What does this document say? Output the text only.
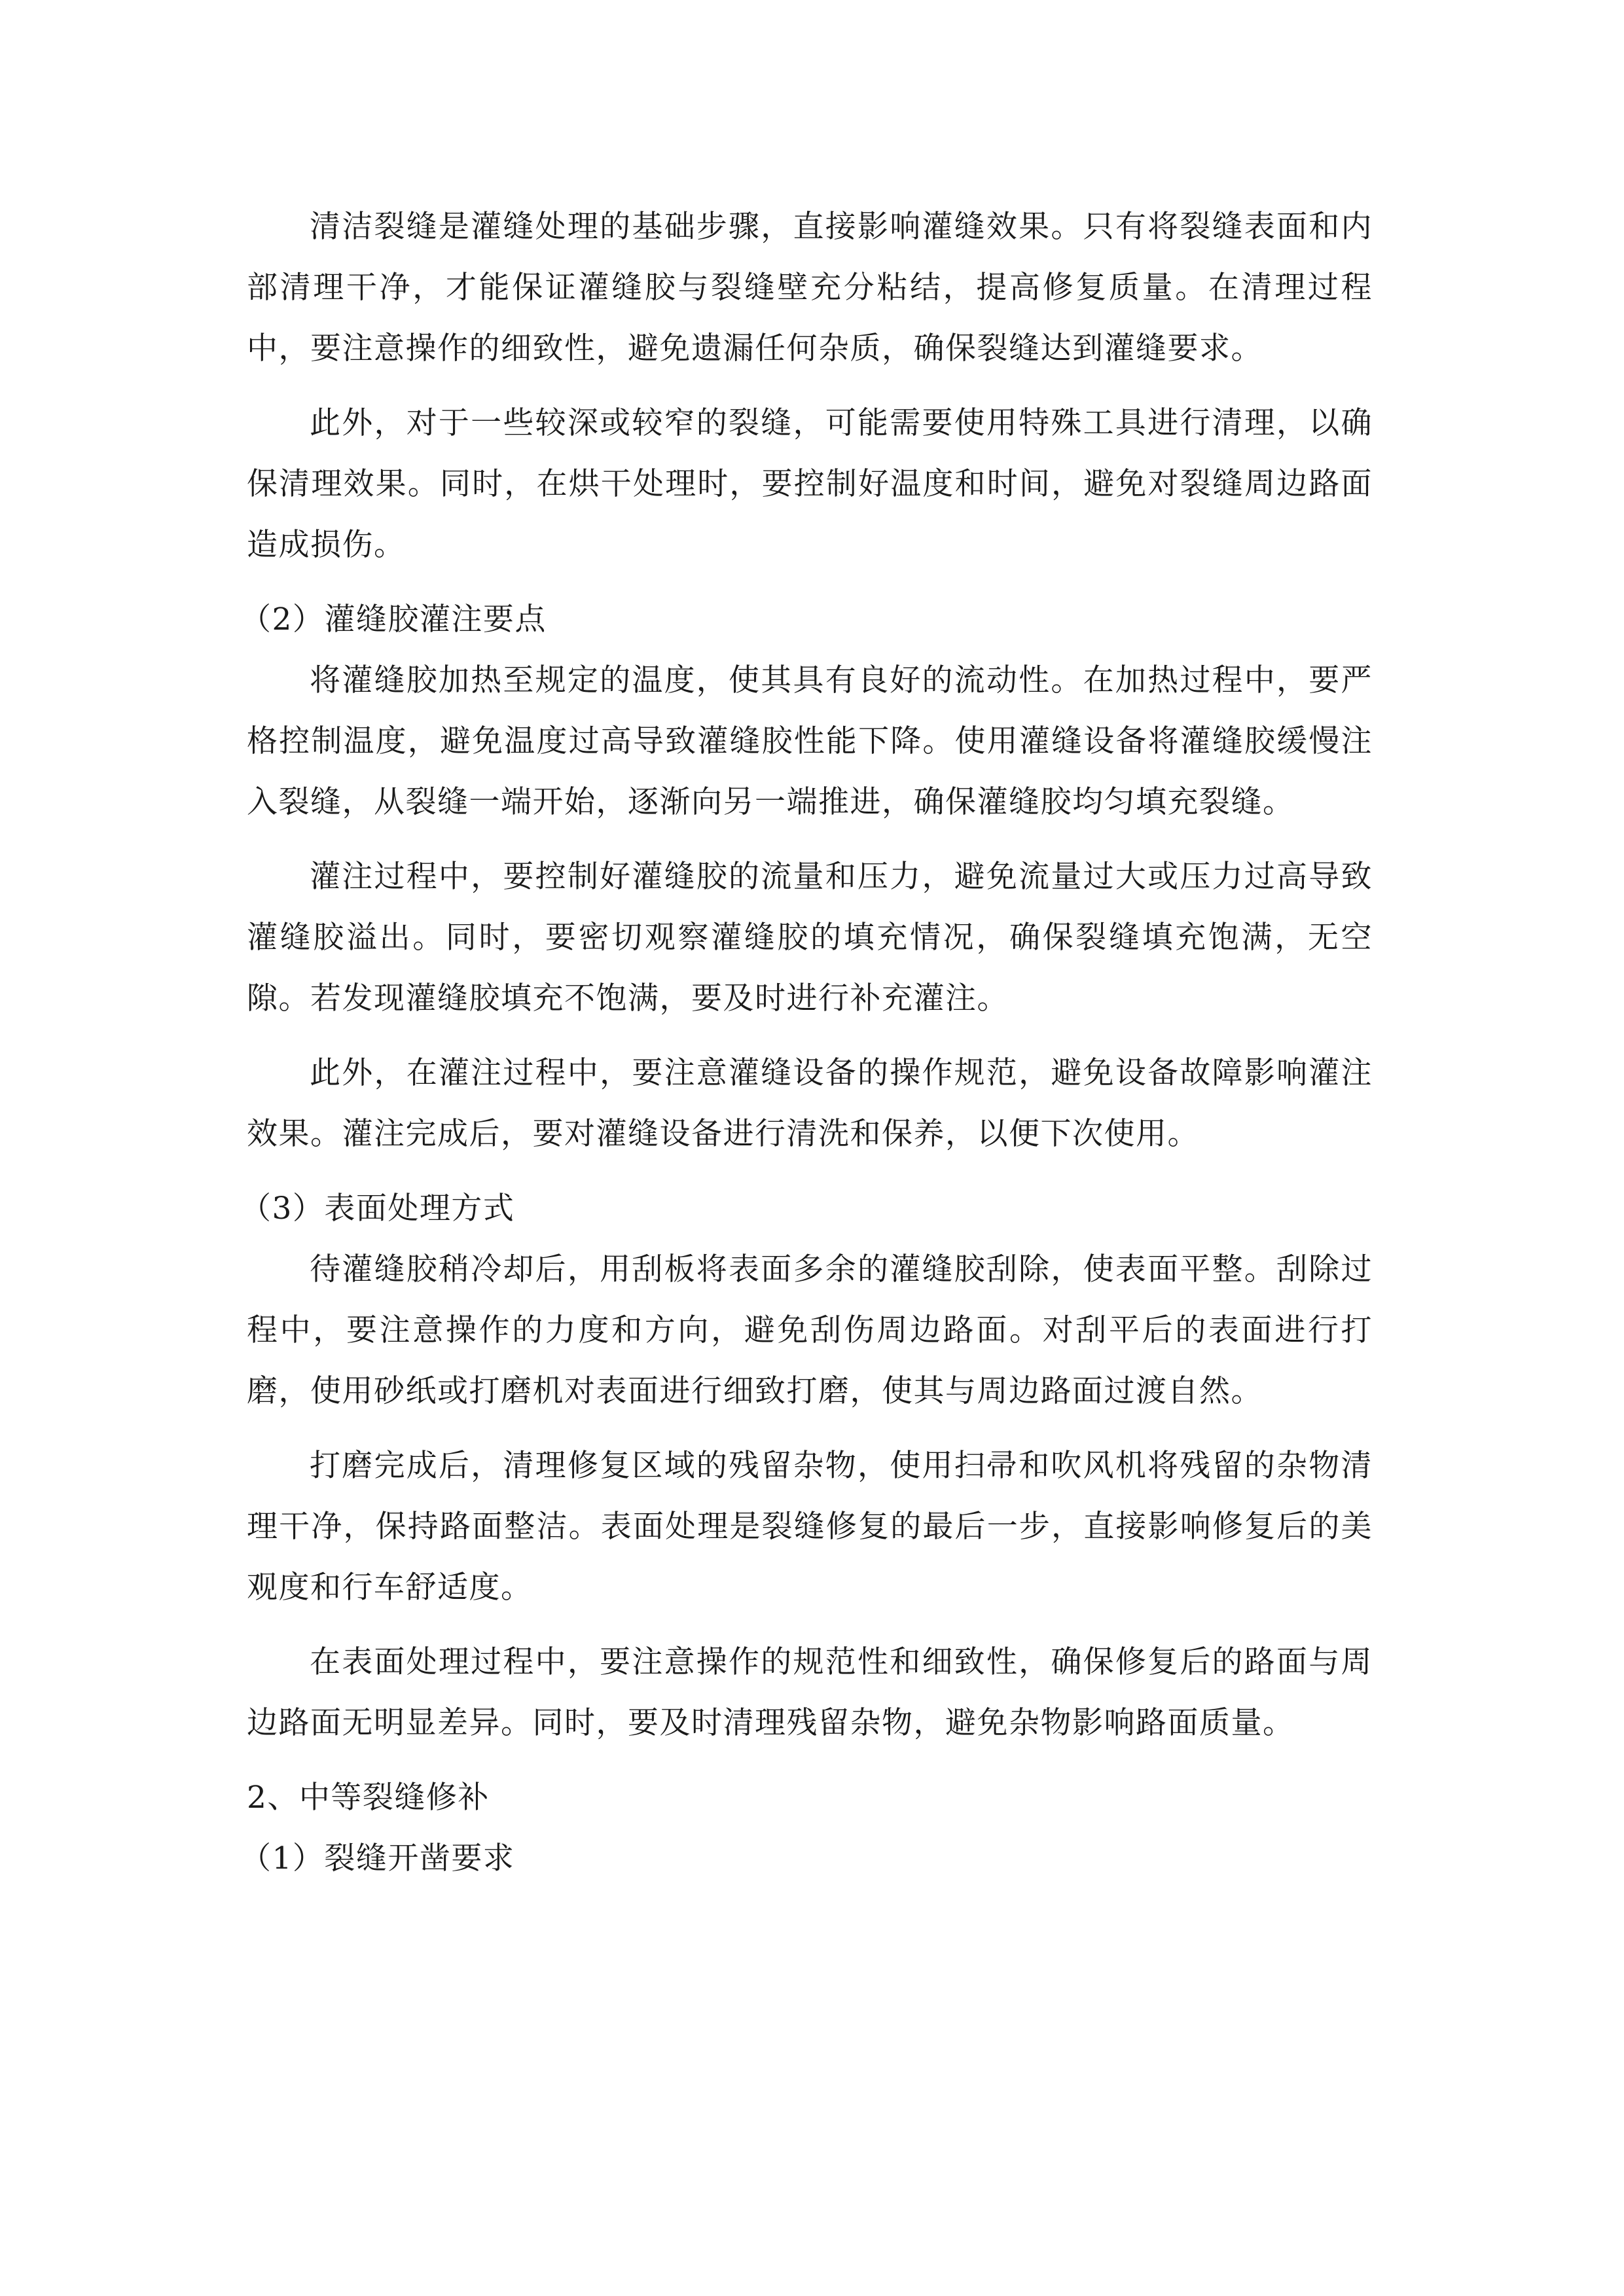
清洁裂缝是灌缝处理的基础步骤，直接影响灌缝效果。只有将裂缝表面和内部清理干净，才能保证灌缝胶与裂缝壁充分粘结，提高修复质量。在清理过程中，要注意操作的细致性，避免遗漏任何杂质，确保裂缝达到灌缝要求。

此外，对于一些较深或较窄的裂缝，可能需要使用特殊工具进行清理，以确保清理效果。同时，在烘干处理时，要控制好温度和时间，避免对裂缝周边路面造成损伤。

（2）灌缝胶灌注要点

将灌缝胶加热至规定的温度，使其具有良好的流动性。在加热过程中，要严格控制温度，避免温度过高导致灌缝胶性能下降。使用灌缝设备将灌缝胶缓慢注入裂缝，从裂缝一端开始，逐渐向另一端推进，确保灌缝胶均匀填充裂缝。

灌注过程中，要控制好灌缝胶的流量和压力，避免流量过大或压力过高导致灌缝胶溢出。同时，要密切观察灌缝胶的填充情况，确保裂缝填充饱满，无空隙。若发现灌缝胶填充不饱满，要及时进行补充灌注。

此外，在灌注过程中，要注意灌缝设备的操作规范，避免设备故障影响灌注效果。灌注完成后，要对灌缝设备进行清洗和保养，以便下次使用。

（3）表面处理方式

待灌缝胶稍冷却后，用刮板将表面多余的灌缝胶刮除，使表面平整。刮除过程中，要注意操作的力度和方向，避免刮伤周边路面。对刮平后的表面进行打磨，使用砂纸或打磨机对表面进行细致打磨，使其与周边路面过渡自然。

打磨完成后，清理修复区域的残留杂物，使用扫帚和吹风机将残留的杂物清理干净，保持路面整洁。表面处理是裂缝修复的最后一步，直接影响修复后的美观度和行车舒适度。

在表面处理过程中，要注意操作的规范性和细致性，确保修复后的路面与周边路面无明显差异。同时，要及时清理残留杂物，避免杂物影响路面质量。

2、中等裂缝修补

（1）裂缝开凿要求
